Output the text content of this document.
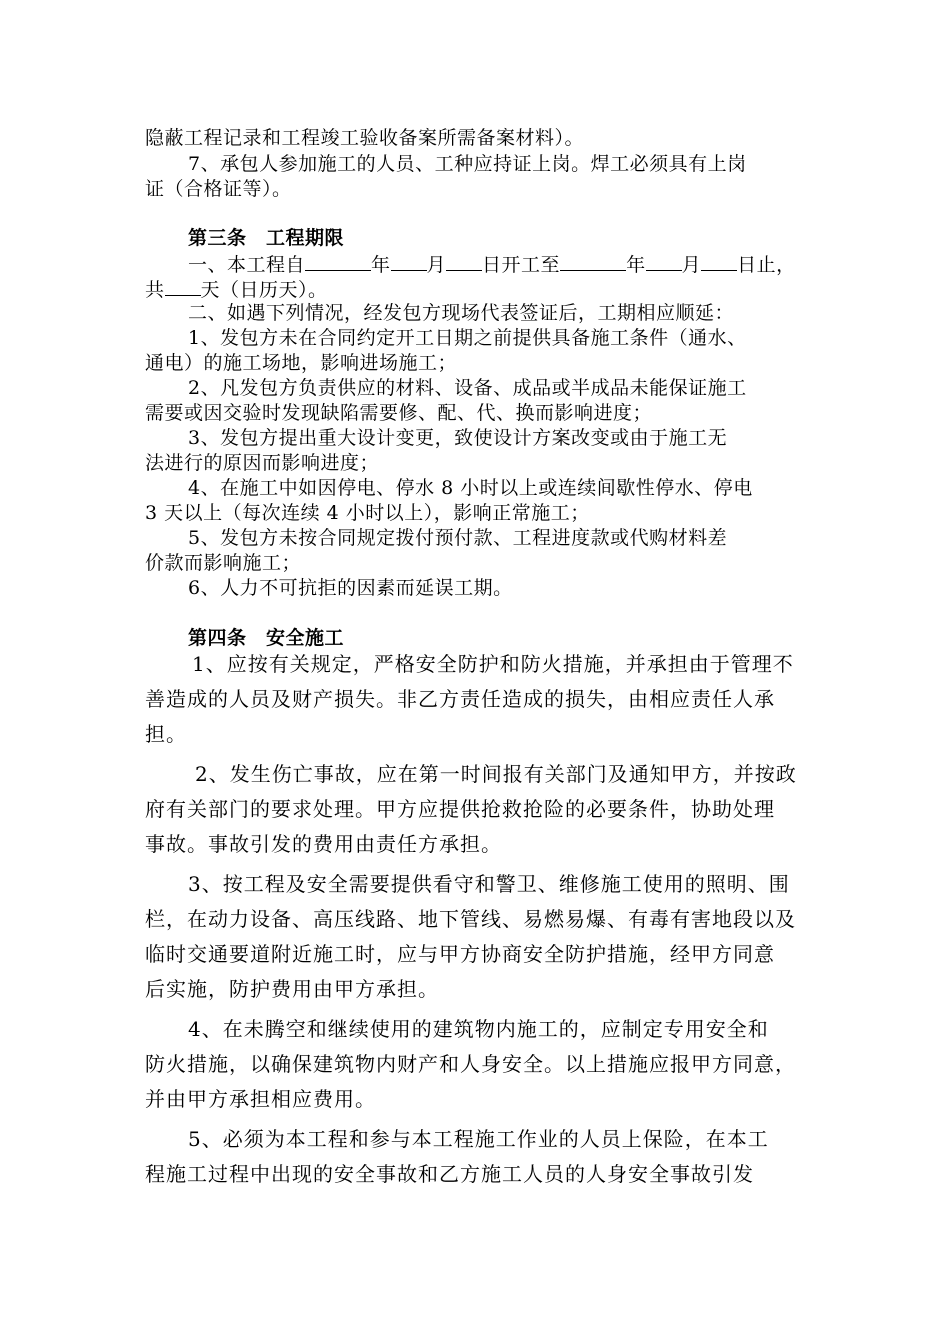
隐蔽工程记录和工程竣工验收备案所需备案材料）。
7、承包人参加施工的人员、工种应持证上岗。焊工必须具有上岗
证（合格证等）。
第三条　工程期限
一、本工程自	年 月 日开工至	年 月 日止，
共 天（日历天）。
二、如遇下列情况，经发包方现场代表签证后，工期相应顺延：
1、发包方未在合同约定开工日期之前提供具备施工条件（通水、
通电）的施工场地，影响进场施工；
2、凡发包方负责供应的材料、设备、成品或半成品未能保证施工
需要或因交验时发现缺陷需要修、配、代、换而影响进度；
3、发包方提出重大设计变更，致使设计方案改变或由于施工无
法进行的原因而影响进度；
4、在施工中如因停电、停水 8 小时以上或连续间歇性停水、停电
3 天以上（每次连续 4 小时以上），影响正常施工；
5、发包方未按合同规定拨付预付款、工程进度款或代购材料差
价款而影响施工；
6、人力不可抗拒的因素而延误工期。
第四条　安全施工
1、应按有关规定，严格安全防护和防火措施，并承担由于管理不
善造成的人员及财产损失。非乙方责任造成的损失，由相应责任人承
担。
2、发生伤亡事故，应在第一时间报有关部门及通知甲方，并按政
府有关部门的要求处理。甲方应提供抢救抢险的必要条件，协助处理
事故。事故引发的费用由责任方承担。
3、按工程及安全需要提供看守和警卫、维修施工使用的照明、围
栏，在动力设备、高压线路、地下管线、易燃易爆、有毒有害地段以及
临时交通要道附近施工时，应与甲方协商安全防护措施，经甲方同意
后实施，防护费用由甲方承担。
4、在未腾空和继续使用的建筑物内施工的，应制定专用安全和
防火措施，以确保建筑物内财产和人身安全。以上措施应报甲方同意，
并由甲方承担相应费用。
5、必须为本工程和参与本工程施工作业的人员上保险，在本工
程施工过程中出现的安全事故和乙方施工人员的人身安全事故引发
